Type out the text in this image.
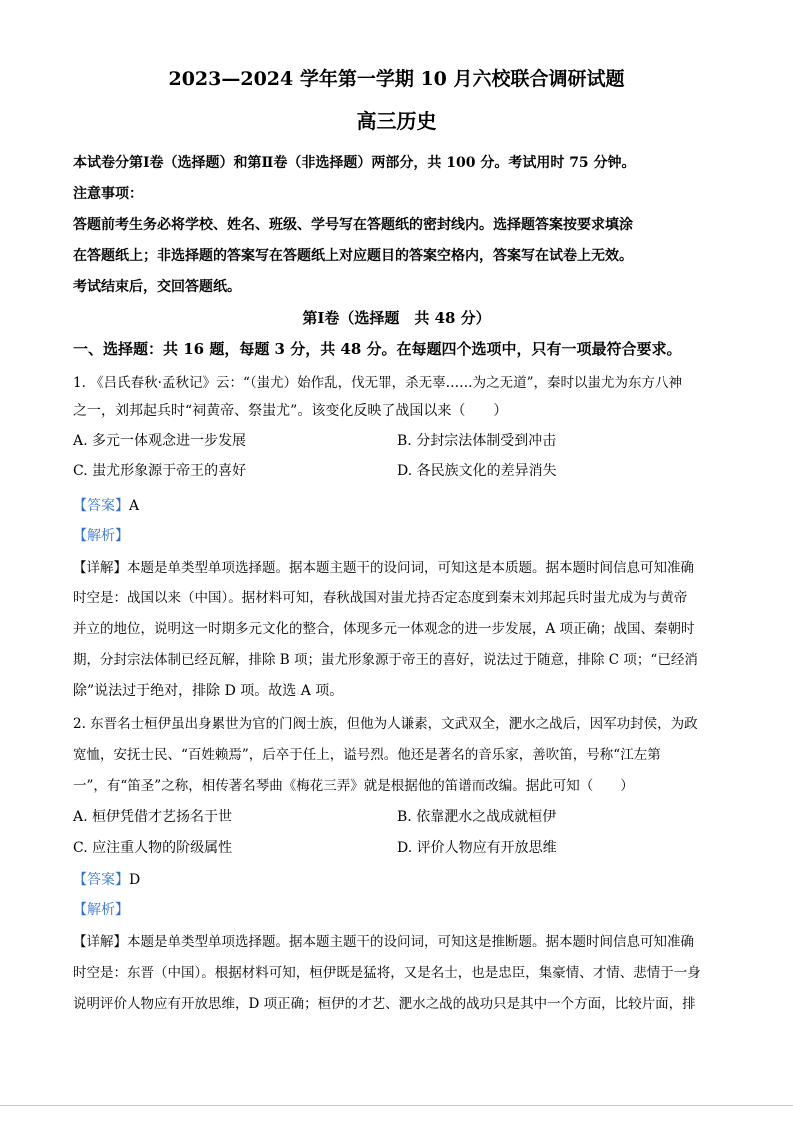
2023—2024 学年第一学期 10 月六校联合调研试题
高三历史
本试卷分第Ⅰ卷（选择题）和第Ⅱ卷（非选择题）两部分，共 100 分。考试用时 75 分钟。
注意事项：
答题前考生务必将学校、姓名、班级、学号写在答题纸的密封线内。选择题答案按要求填涂
在答题纸上；非选择题的答案写在答题纸上对应题目的答案空格内，答案写在试卷上无效。
考试结束后，交回答题纸。
第Ⅰ卷（选择题　共 48 分）
一、选择题：共 16 题，每题 3 分，共 48 分。在每题四个选项中，只有一项最符合要求。
1. 《吕氏春秋·孟秋记》云：“（蚩尤）始作乱，伐无罪，杀无辜……为之无道”，秦时以蚩尤为东方八神
之一，刘邦起兵时“祠黄帝、祭蚩尤”。该变化反映了战国以来（　　）
A. 多元一体观念进一步发展	B. 分封宗法体制受到冲击
C. 蚩尤形象源于帝王的喜好	D. 各民族文化的差异消失
【答案】A
【解析】
【详解】本题是单类型单项选择题。据本题主题干的设问词，可知这是本质题。据本题时间信息可知准确
时空是：战国以来（中国）。据材料可知，春秋战国对蚩尤持否定态度到秦末刘邦起兵时蚩尤成为与黄帝
并立的地位，说明这一时期多元文化的整合，体现多元一体观念的进一步发展，A 项正确；战国、秦朝时
期，分封宗法体制已经瓦解，排除 B 项；蚩尤形象源于帝王的喜好，说法过于随意，排除 C 项；“已经消
除”说法过于绝对，排除 D 项。故选 A 项。
2. 东晋名士桓伊虽出身累世为官的门阀士族，但他为人谦素，文武双全，淝水之战后，因军功封侯，为政
宽恤，安抚士民、“百姓赖焉”，后卒于任上，谥号烈。他还是著名的音乐家，善吹笛，号称“江左第
一”，有“笛圣”之称，相传著名琴曲《梅花三弄》就是根据他的笛谱而改编。据此可知（　　）
A. 桓伊凭借才艺扬名于世	B. 依靠淝水之战成就桓伊
C. 应注重人物的阶级属性	D. 评价人物应有开放思维
【答案】D
【解析】
【详解】本题是单类型单项选择题。据本题主题干的设问词，可知这是推断题。据本题时间信息可知准确
时空是：东晋（中国）。根据材料可知，桓伊既是猛将，又是名士，也是忠臣，集豪情、才情、悲情于一身
说明评价人物应有开放思维，D 项正确；桓伊的才艺、淝水之战的战功只是其中一个方面，比较片面，排
